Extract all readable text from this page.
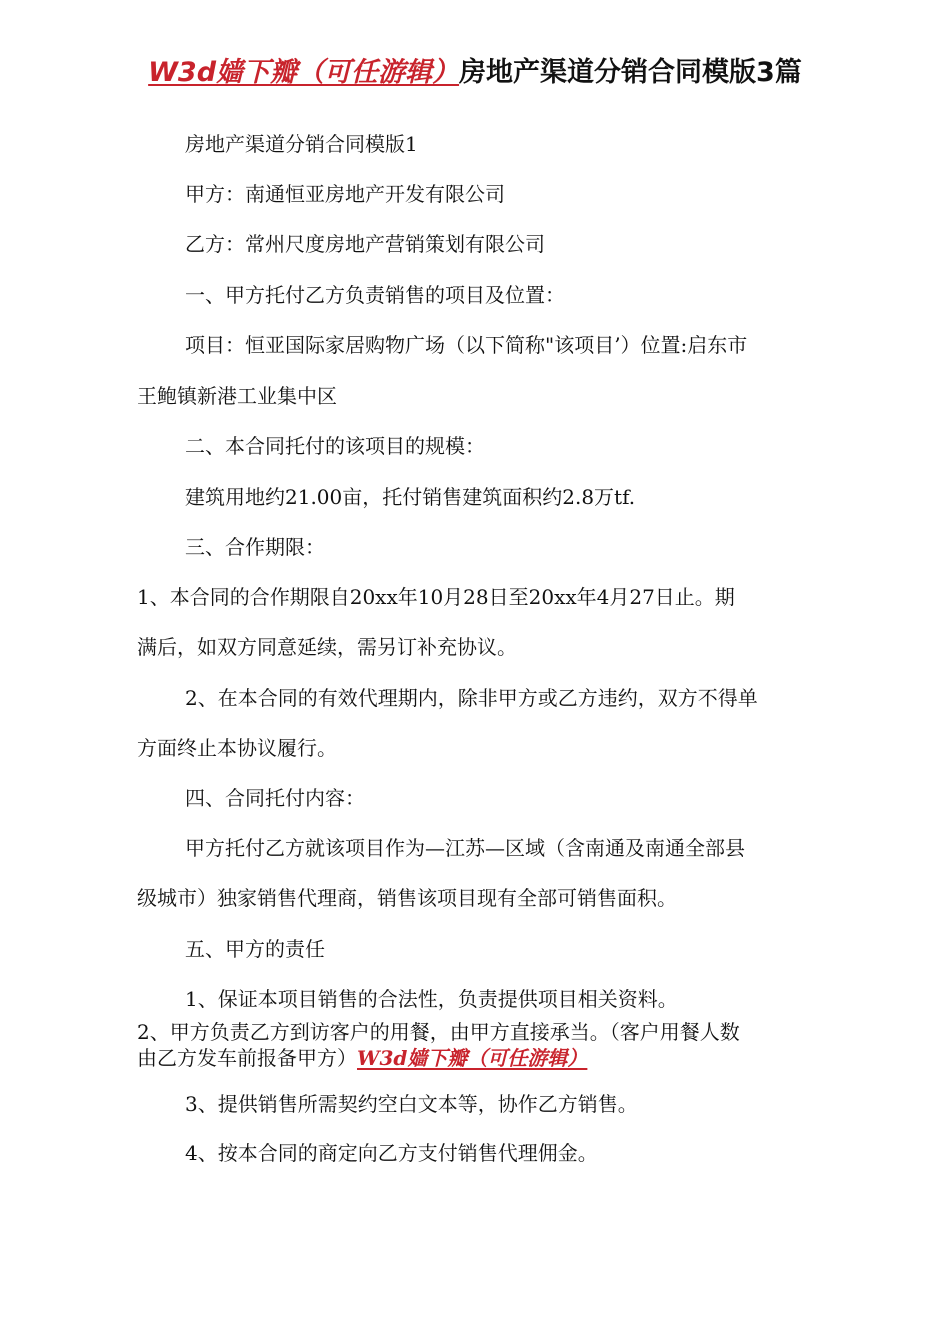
W3d嫱下瓣（可任游辑）房地产渠道分销合同模版3篇
房地产渠道分销合同模版1
甲方：南通恒亚房地产开发有限公司
乙方：常州尺度房地产营销策划有限公司
一、甲方托付乙方负责销售的项目及位置：
项目：恒亚国际家居购物广场（以下简称"该项目’）位置:启东市
王鲍镇新港工业集中区
二、本合同托付的该项目的规模：
建筑用地约21.00亩，托付销售建筑面积约2.8万tf.
三、合作期限：
1、本合同的合作期限自20xx年10月28日至20xx年4月27日止。期
满后，如双方同意延续，需另订补充协议。
2、在本合同的有效代理期内，除非甲方或乙方违约，双方不得单
方面终止本协议履行。
四、合同托付内容：
甲方托付乙方就该项目作为—江苏—区域（含南通及南通全部县
级城市）独家销售代理商，销售该项目现有全部可销售面积。
五、甲方的责任
1、保证本项目销售的合法性，负责提供项目相关资料。
2、甲方负责乙方到访客户的用餐，由甲方直接承当。（客户用餐人数
由乙方发车前报备甲方）W3d嫱下瓣（可任游辑）
3、提供销售所需契约空白文本等，协作乙方销售。
4、按本合同的商定向乙方支付销售代理佣金。
